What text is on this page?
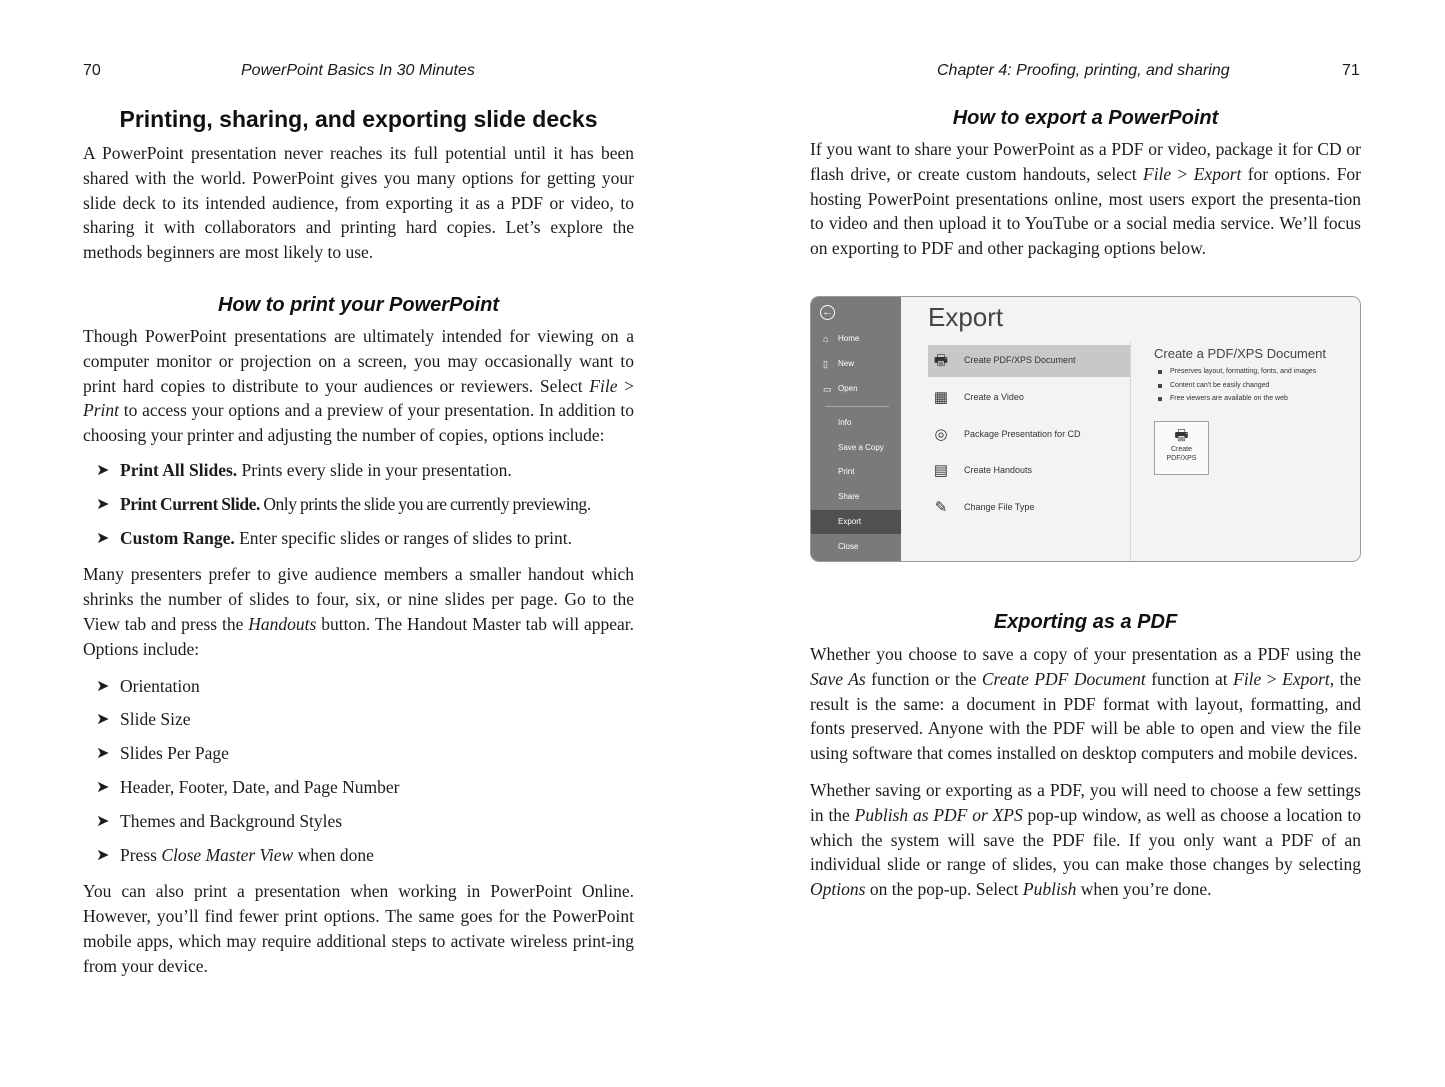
70	PowerPoint Basics In 30 Minutes
Printing, sharing, and exporting slide decks

A PowerPoint presentation never reaches its full potential until it has been shared with the world. PowerPoint gives you many options for getting your slide deck to its intended audience, from exporting it as a PDF or video, to sharing it with collaborators and printing hard copies. Let’s explore the methods beginners are most likely to use.

How to print your PowerPoint

Though PowerPoint presentations are ultimately intended for viewing on a computer monitor or projection on a screen, you may occasionally want to print hard copies to distribute to your audiences or reviewers. Select File > Print to access your options and a preview of your presentation. In addition to choosing your printer and adjusting the number of copies, options include:

➤ Print All Slides. Prints every slide in your presentation.
➤ Print Current Slide. Only prints the slide you are currently previewing.
➤ Custom Range. Enter specific slides or ranges of slides to print.

Many presenters prefer to give audience members a smaller handout which shrinks the number of slides to four, six, or nine slides per page. Go to the View tab and press the Handouts button. The Handout Master tab will appear. Options include:

➤ Orientation
➤ Slide Size
➤ Slides Per Page
➤ Header, Footer, Date, and Page Number
➤ Themes and Background Styles
➤ Press Close Master View when done

You can also print a presentation when working in PowerPoint Online. However, you’ll find fewer print options. The same goes for the PowerPoint mobile apps, which may require additional steps to activate wireless print-ing from your device.

Chapter 4: Proofing, printing, and sharing	71
How to export a PowerPoint

If you want to share your PowerPoint as a PDF or video, package it for CD or flash drive, or create custom handouts, select File > Export for options. For hosting PowerPoint presentations online, most users export the presenta-tion to video and then upload it to YouTube or a social media service. We’ll focus on exporting to PDF and other packaging options below.

Exporting as a PDF

Whether you choose to save a copy of your presentation as a PDF using the Save As function or the Create PDF Document function at File > Export, the result is the same: a document in PDF format with layout, formatting, and fonts preserved. Anyone with the PDF will be able to open and view the file using software that comes installed on desktop computers and mobile devices.

Whether saving or exporting as a PDF, you will need to choose a few settings in the Publish as PDF or XPS pop-up window, as well as choose a location to which the system will save the PDF file. If you only want a PDF of an individual slide or range of slides, you can make those changes by selecting Options on the pop-up. Select Publish when you’re done.

←
⌂ Home
▯ New
▭ Open
Info
Save a Copy
Print
Share
Export
Close
Export
🖶 Create PDF/XPS Document
▦ Create a Video
◎ Package Presentation for CD
▤ Create Handouts
✎	Change File Type
Create a PDF/XPS Document
Preserves layout, formatting, fonts, and images
Content can't be easily changed
Free viewers are available on the web
🖶
Create
PDF/XPS
